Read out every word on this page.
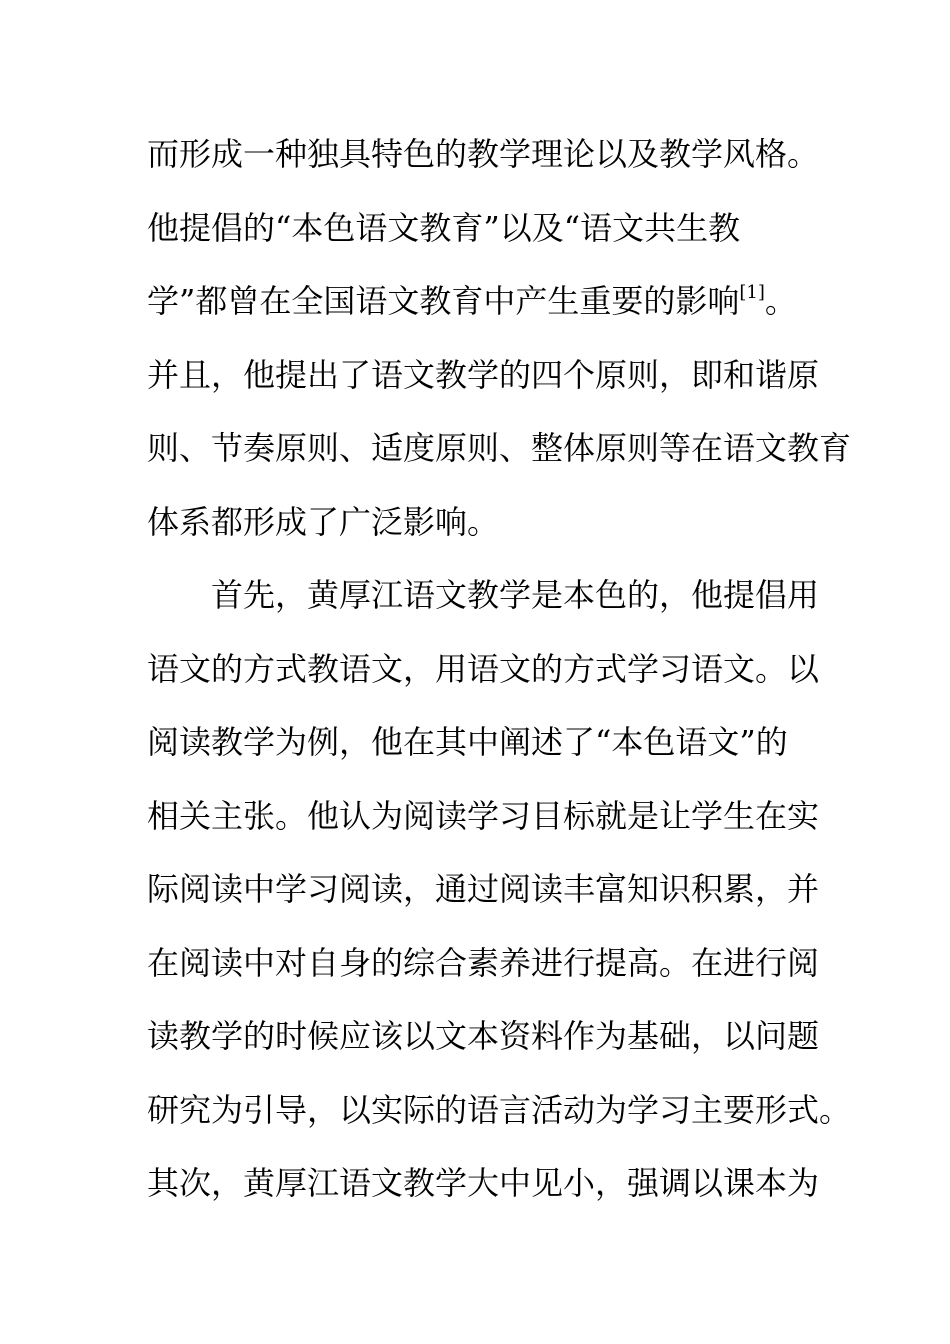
而形成一种独具特色的教学理论以及教学风格。
他提倡的“本色语文教育”以及“语文共生教
学”都曾在全国语文教育中产生重要的影响[1]。
并且，他提出了语文教学的四个原则，即和谐原
则、节奏原则、适度原则、整体原则等在语文教育
体系都形成了广泛影响。
首先，黄厚江语文教学是本色的，他提倡用
语文的方式教语文，用语文的方式学习语文。以
阅读教学为例，他在其中阐述了“本色语文”的
相关主张。他认为阅读学习目标就是让学生在实
际阅读中学习阅读，通过阅读丰富知识积累，并
在阅读中对自身的综合素养进行提高。在进行阅
读教学的时候应该以文本资料作为基础，以问题
研究为引导，以实际的语言活动为学习主要形式。
其次，黄厚江语文教学大中见小，强调以课本为
